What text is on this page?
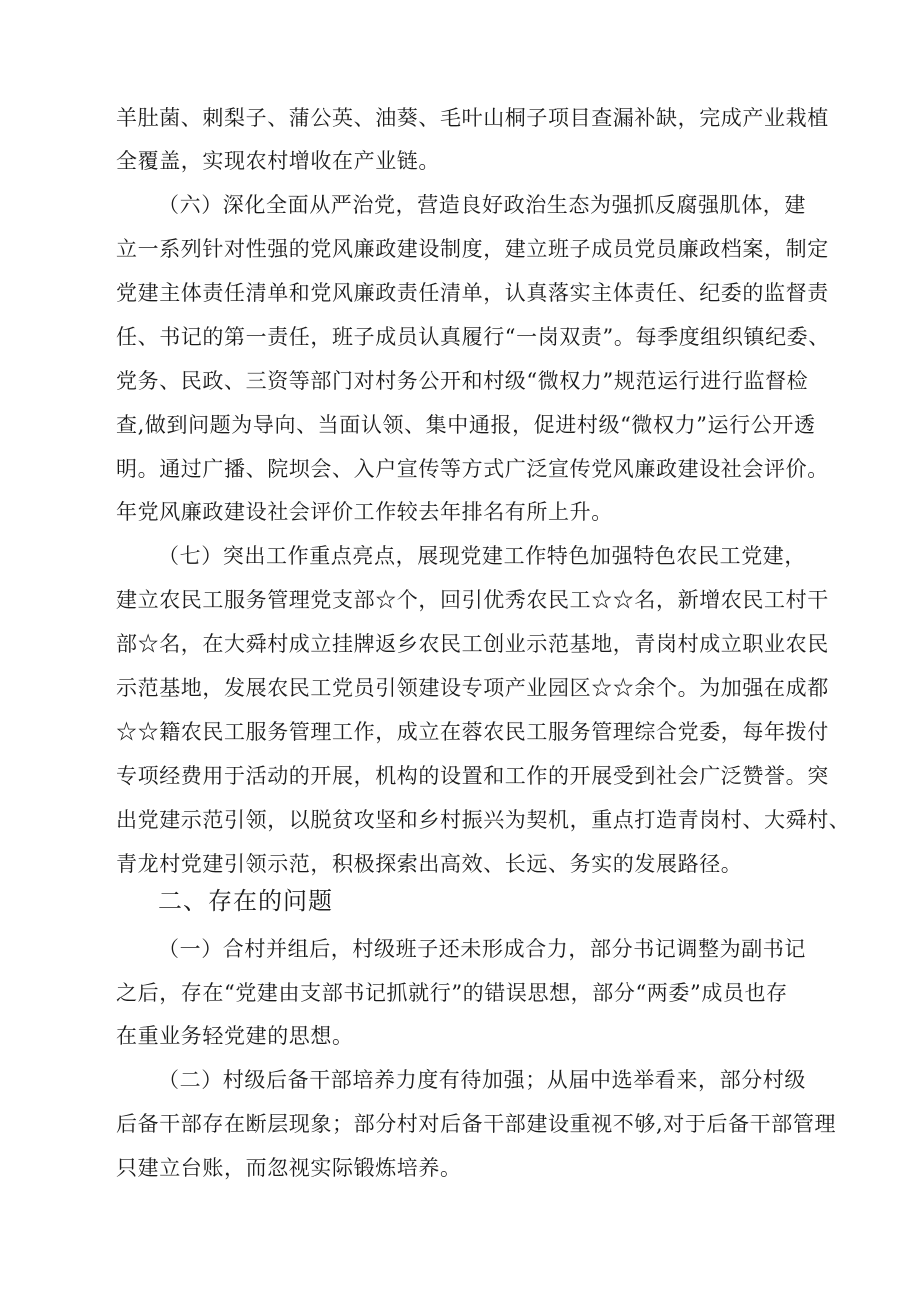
羊肚菌、刺梨子、蒲公英、油葵、毛叶山桐子项目查漏补缺，完成产业栽植
全覆盖，实现农村增收在产业链。
（六）深化全面从严治党，营造良好政治生态为强抓反腐强肌体，建
立一系列针对性强的党风廉政建设制度，建立班子成员党员廉政档案，制定
党建主体责任清单和党风廉政责任清单，认真落实主体责任、纪委的监督责
任、书记的第一责任，班子成员认真履行“一岗双责”。每季度组织镇纪委、
党务、民政、三资等部门对村务公开和村级“微权力”规范运行进行监督检
查,做到问题为导向、当面认领、集中通报，促进村级“微权力”运行公开透
明。通过广播、院坝会、入户宣传等方式广泛宣传党风廉政建设社会评价。
年党风廉政建设社会评价工作较去年排名有所上升。
（七）突出工作重点亮点，展现党建工作特色加强特色农民工党建，
建立农民工服务管理党支部☆个，回引优秀农民工☆☆名，新增农民工村干
部☆名，在大舜村成立挂牌返乡农民工创业示范基地，青岗村成立职业农民
示范基地，发展农民工党员引领建设专项产业园区☆☆余个。为加强在成都
☆☆籍农民工服务管理工作，成立在蓉农民工服务管理综合党委，每年拨付
专项经费用于活动的开展，机构的设置和工作的开展受到社会广泛赞誉。突
出党建示范引领，以脱贫攻坚和乡村振兴为契机，重点打造青岗村、大舜村、
青龙村党建引领示范，积极探索出高效、长远、务实的发展路径。
二、存在的问题
（一）合村并组后，村级班子还未形成合力，部分书记调整为副书记
之后，存在“党建由支部书记抓就行”的错误思想，部分“两委”成员也存
在重业务轻党建的思想。
（二）村级后备干部培养力度有待加强；从届中选举看来，部分村级
后备干部存在断层现象；部分村对后备干部建设重视不够,对于后备干部管理
只建立台账，而忽视实际锻炼培养。
